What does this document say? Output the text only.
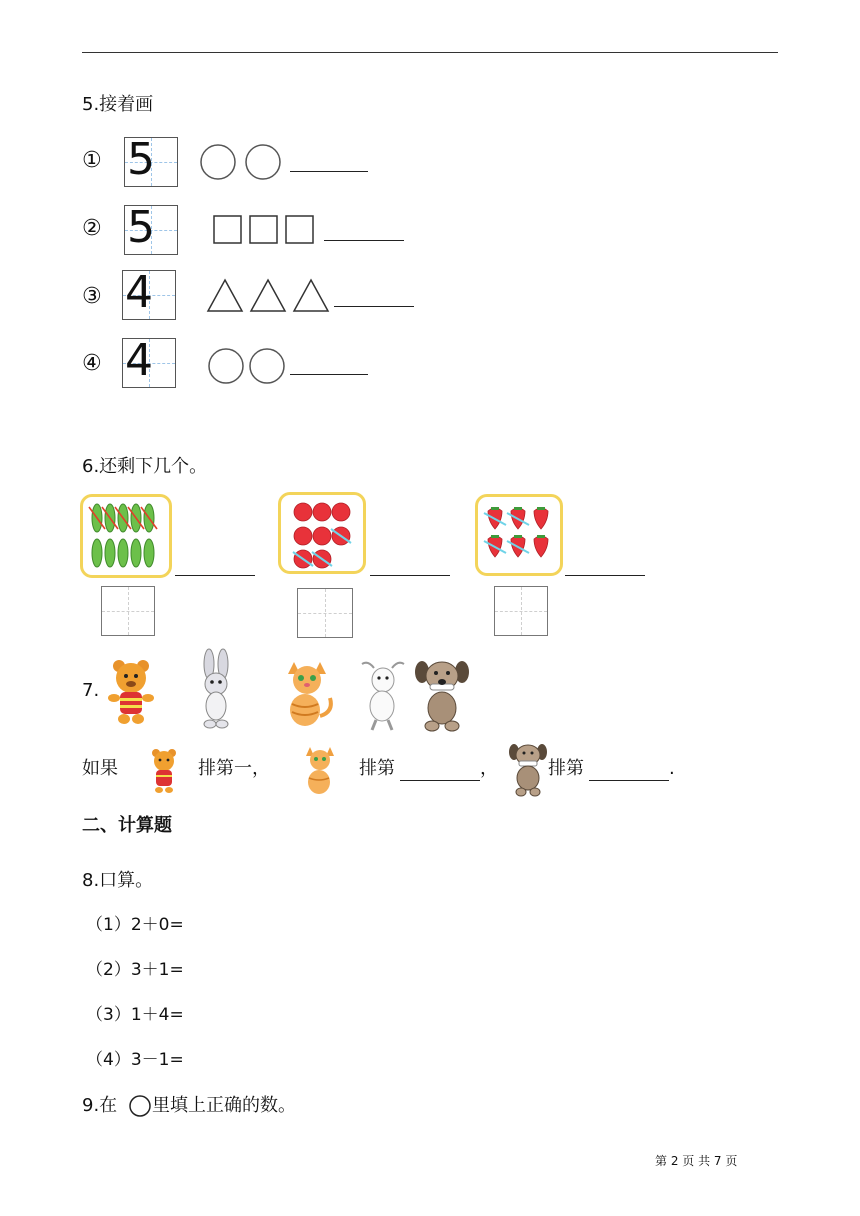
5.接着画
① 5
② 5
③ 4
④ 4
6.还剩下几个。
7.
如果	排第一，	排第	，	排第	.
二、计算题
8.口算。
（1）2＋0=
（2）3＋1=
（3）1＋4=
（4）3－1=
9.在 里填上正确的数。
第 2 页 共 7 页
